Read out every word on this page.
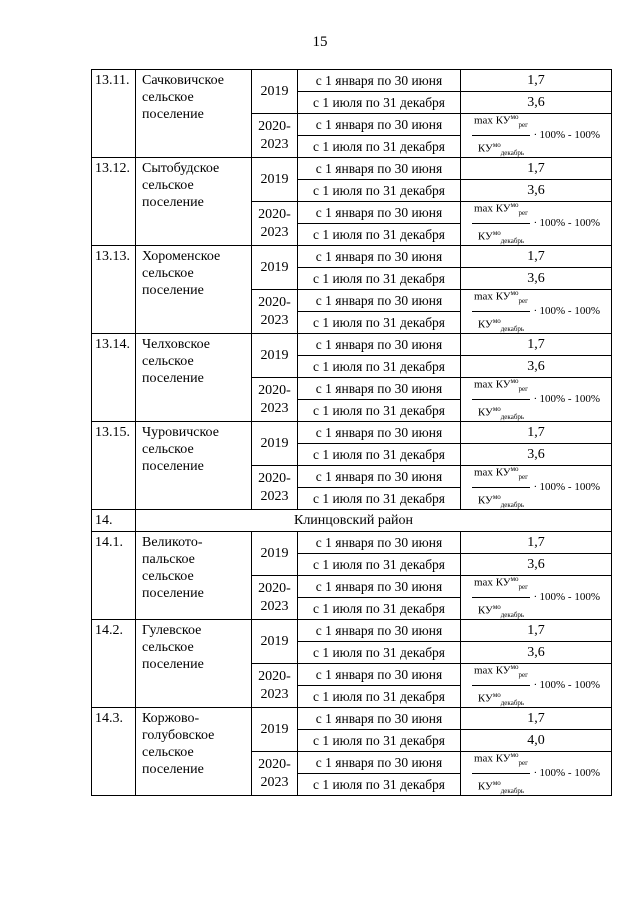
15
13.11.	Сачковичское
сельское
поселение	2019	с 1 января по 30 июня	1,7
			с 1 июля по 31 декабря	3,6
		2020-
2023	с 1 января по 30 июня	$\frac{\max КУ^{мо}_{рег}}{КУ^{мо}_{декабрь}} \cdot 100\% - 100\%$

			с 1 июля по 31 декабря	
13.12.	Сытобудское
сельское
поселение	2019	с 1 января по 30 июня	1,7
			с 1 июля по 31 декабря	3,6
		2020-
2023	с 1 января по 30 июня	$\frac{\max КУ^{мо}_{рег}}{КУ^{мо}_{декабрь}} \cdot 100\% - 100\%$

			с 1 июля по 31 декабря	
13.13.	Хороменское
сельское
поселение	2019	с 1 января по 30 июня	1,7
			с 1 июля по 31 декабря	3,6
		2020-
2023	с 1 января по 30 июня	$\frac{\max КУ^{мо}_{рег}}{КУ^{мо}_{декабрь}} \cdot 100\% - 100\%$

			с 1 июля по 31 декабря	
13.14.	Челховское
сельское
поселение	2019	с 1 января по 30 июня	1,7
			с 1 июля по 31 декабря	3,6
		2020-
2023	с 1 января по 30 июня	$\frac{\max КУ^{мо}_{рег}}{КУ^{мо}_{декабрь}} \cdot 100\% - 100\%$

			с 1 июля по 31 декабря	
13.15.	Чуровичское
сельское
поселение	2019	с 1 января по 30 июня	1,7
			с 1 июля по 31 декабря	3,6
		2020-
2023	с 1 января по 30 июня	$\frac{\max КУ^{мо}_{рег}}{КУ^{мо}_{декабрь}} \cdot 100\% - 100\%$

			с 1 июля по 31 декабря	
14.	Клинцовский район			
14.1.	Великото-
пальское
сельское
поселение	2019	с 1 января по 30 июня	1,7
			с 1 июля по 31 декабря	3,6
		2020-
2023	с 1 января по 30 июня	$\frac{\max КУ^{мо}_{рег}}{КУ^{мо}_{декабрь}} \cdot 100\% - 100\%$

			с 1 июля по 31 декабря	
14.2.	Гулевское
сельское
поселение	2019	с 1 января по 30 июня	1,7
			с 1 июля по 31 декабря	3,6
		2020-
2023	с 1 января по 30 июня	$\frac{\max КУ^{мо}_{рег}}{КУ^{мо}_{декабрь}} \cdot 100\% - 100\%$

			с 1 июля по 31 декабря	
14.3.	Коржово-
голубовское
сельское
поселение	2019	с 1 января по 30 июня	1,7
			с 1 июля по 31 декабря	4,0
		2020-
2023	с 1 января по 30 июня	$\frac{\max КУ^{мо}_{рег}}{КУ^{мо}_{декабрь}} \cdot 100\% - 100\%$

			с 1 июля по 31 декабря	
